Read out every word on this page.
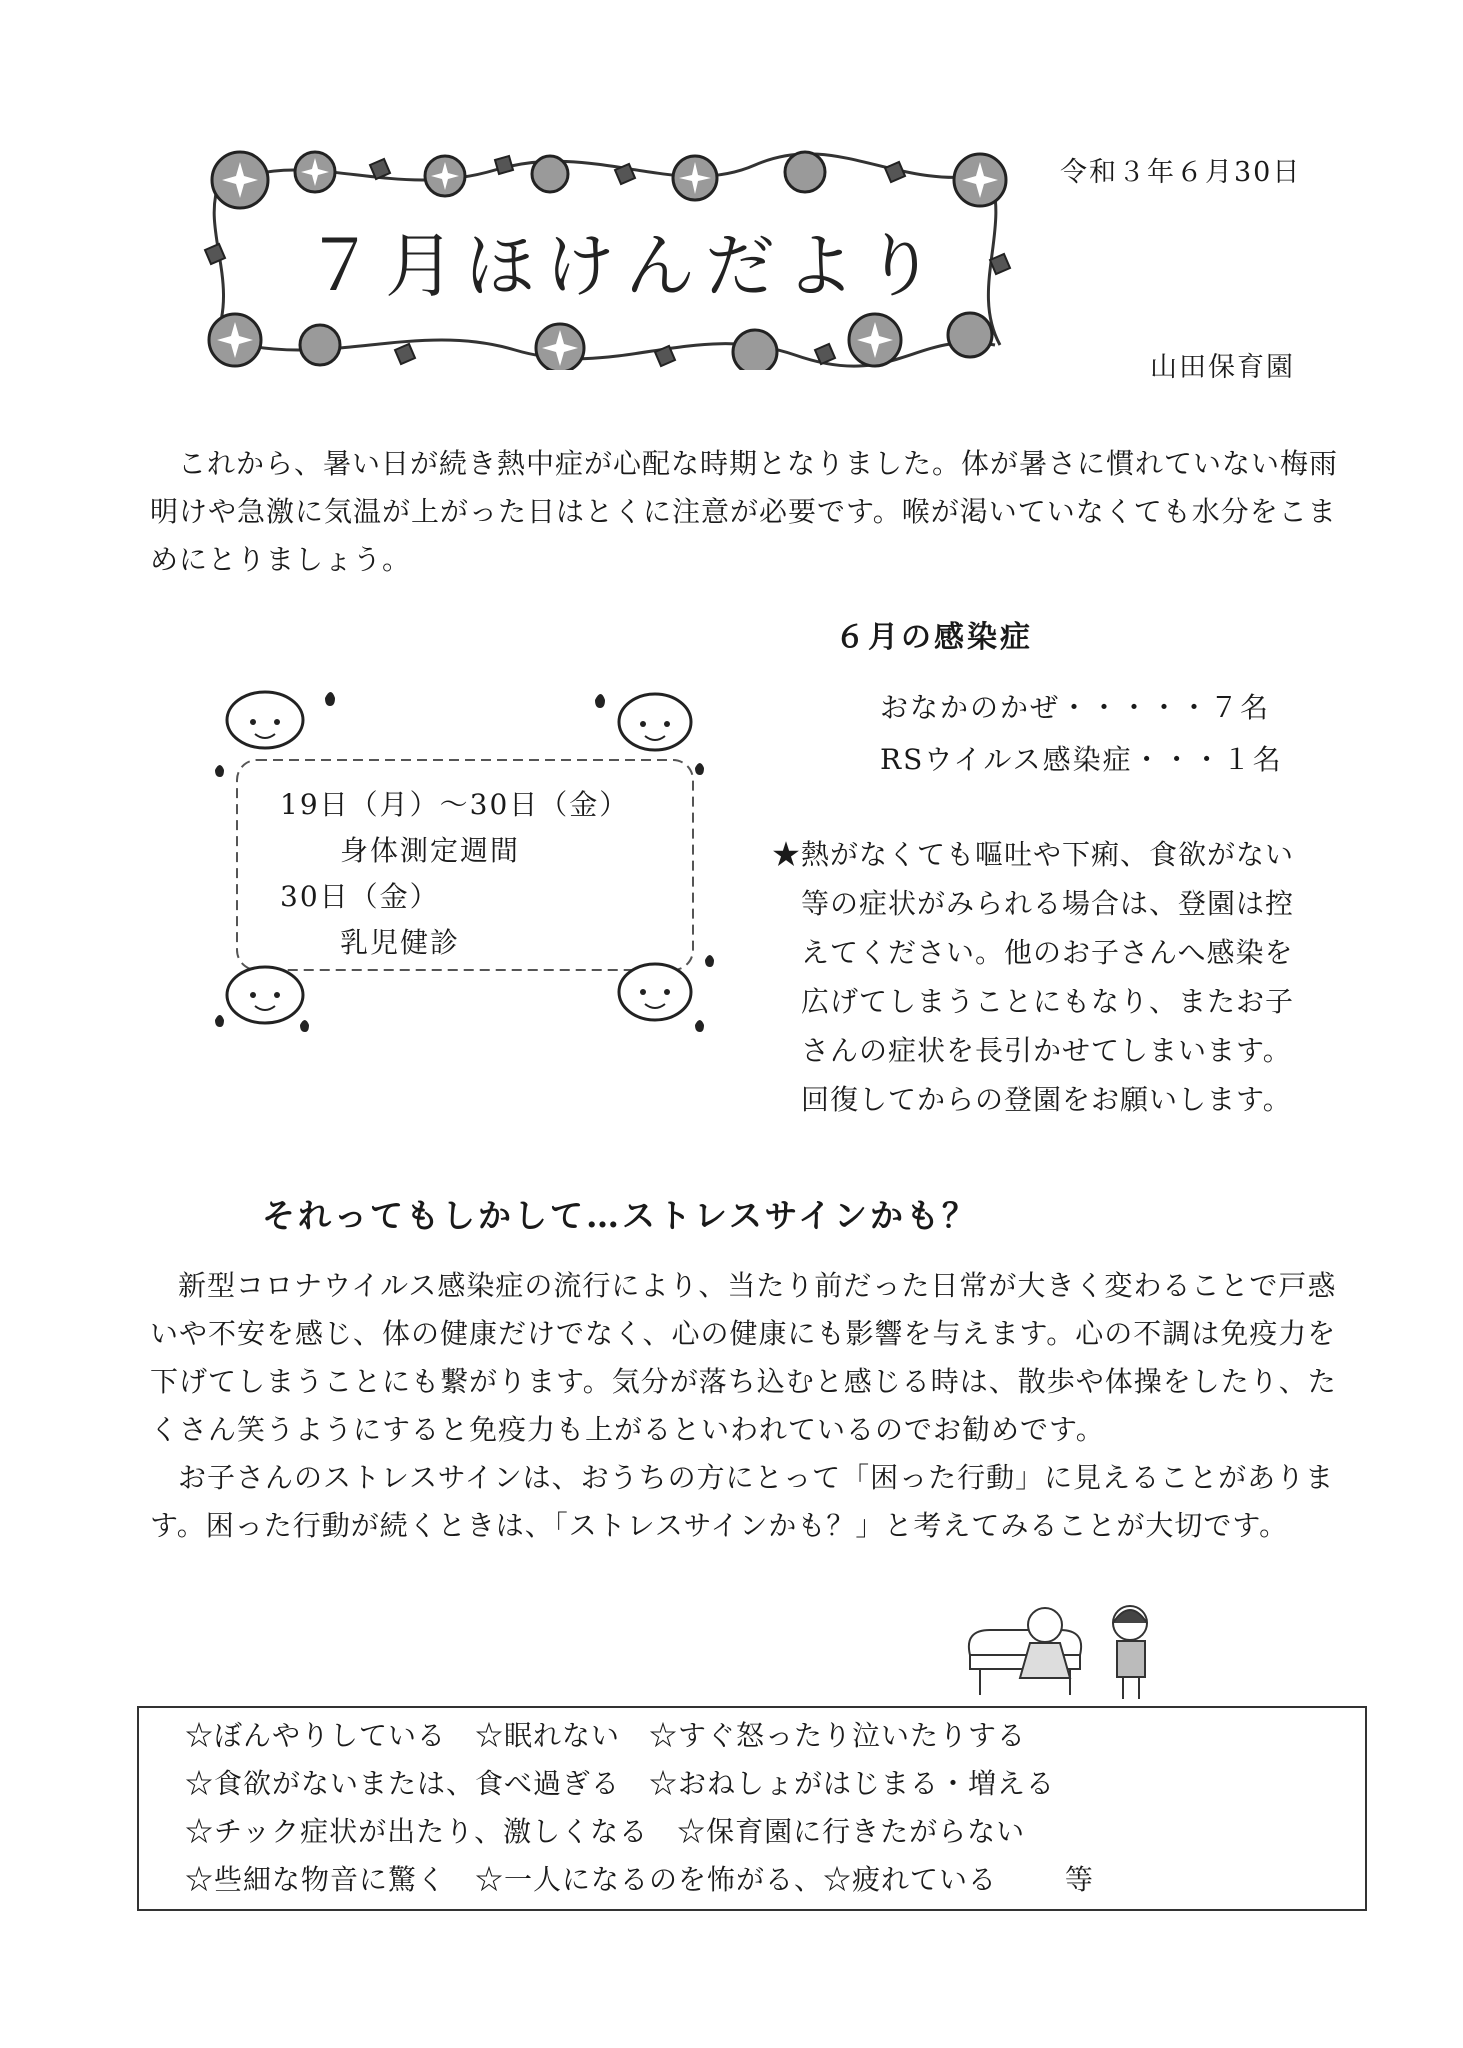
令和３年６月30日
山田保育園
７月ほけんだより

これから、暑い日が続き熱中症が心配な時期となりました。体が暑さに慣れていない梅雨明けや急激に気温が上がった日はとくに注意が必要です。喉が渇いていなくても水分をこまめにとりましょう。

19日（月）～30日（金）
　　身体測定週間
30日（金）
　　乳児健診
６月の感染症
おなかのかぜ・・・・・７名
RSウイルス感染症・・・１名
★熱がなくても嘔吐や下痢、食欲がない
　等の症状がみられる場合は、登園は控
　えてください。他のお子さんへ感染を
　広げてしまうことにもなり、またお子
　さんの症状を長引かせてしまいます。
　回復してからの登園をお願いします。
それってもしかして…ストレスサインかも？

新型コロナウイルス感染症の流行により、当たり前だった日常が大きく変わることで戸惑いや不安を感じ、体の健康だけでなく、心の健康にも影響を与えます。心の不調は免疫力を下げてしまうことにも繋がります。気分が落ち込むと感じる時は、散歩や体操をしたり、たくさん笑うようにすると免疫力も上がるといわれているのでお勧めです。

お子さんのストレスサインは、おうちの方にとって「困った行動」に見えることがあります。困った行動が続くときは、「ストレスサインかも？」と考えてみることが大切です。

☆ぼんやりしている　☆眠れない　☆すぐ怒ったり泣いたりする
☆食欲がないまたは、食べ過ぎる　☆おねしょがはじまる・増える
☆チック症状が出たり、激しくなる　☆保育園に行きたがらない
☆些細な物音に驚く　☆一人になるのを怖がる、☆疲れている　　 等
